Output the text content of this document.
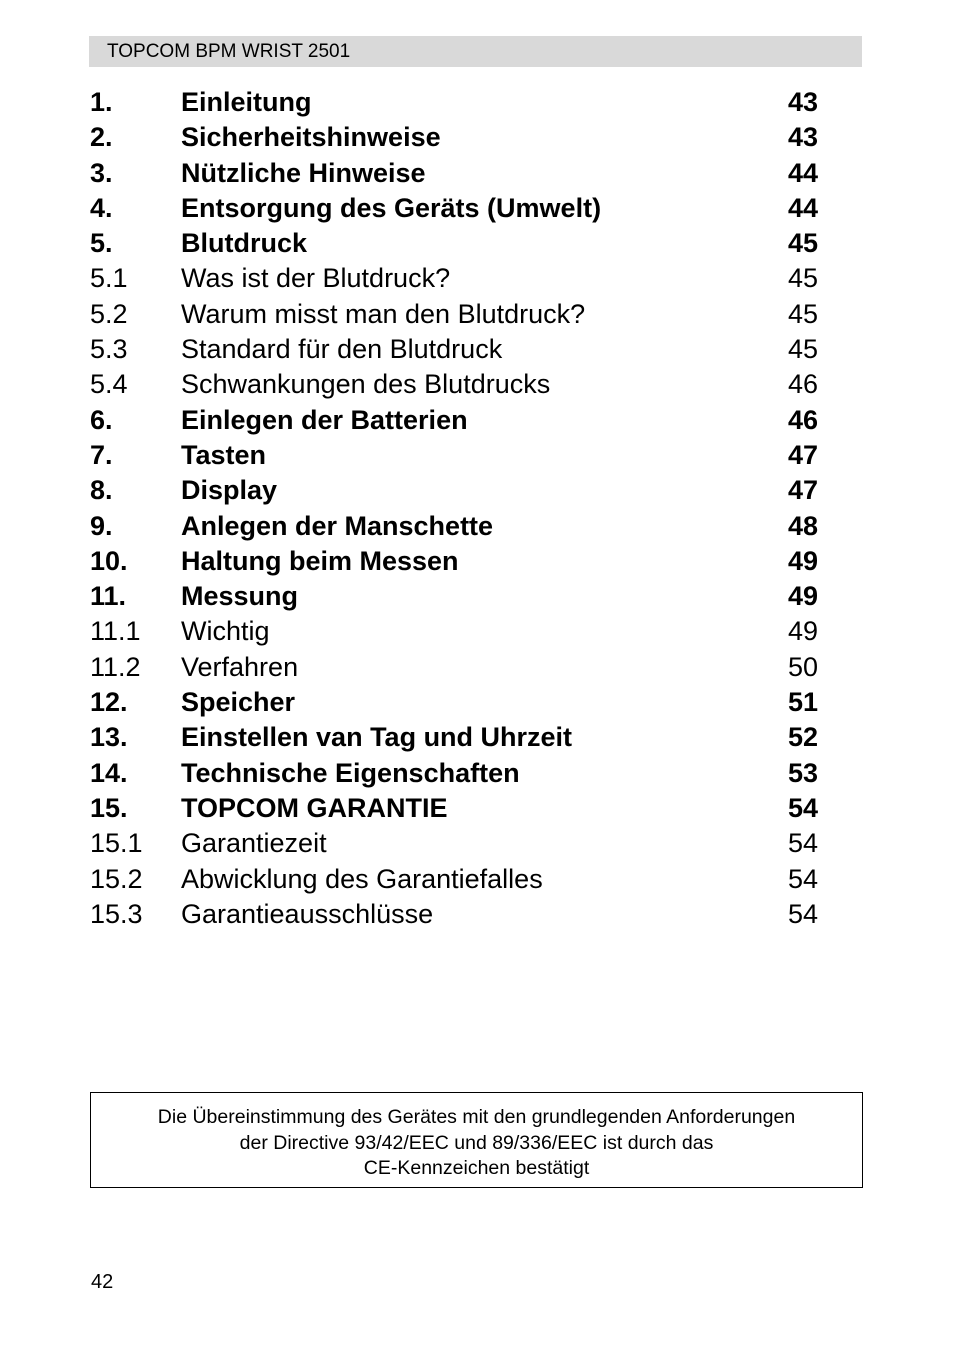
TOPCOM BPM WRIST 2501
1.	Einleitung	43
2.	Sicherheitshinweise	43
3.	Nützliche Hinweise	44
4.	Entsorgung des Geräts (Umwelt)	44
5.	Blutdruck	45
5.1 Was ist der Blutdruck?	45
5.2 Warum misst man den Blutdruck?	45
5.3 Standard für den Blutdruck	45
5.4 Schwankungen des Blutdrucks	46
6.	Einlegen der Batterien	46
7.	Tasten	47
8.	Display	47
9.	Anlegen der Manschette	48
10. Haltung beim Messen	49
11. Messung	49
11.1 Wichtig	49
11.2 Verfahren	50
12. Speicher	51
13. Einstellen van Tag und Uhrzeit	52
14. Technische Eigenschaften	53
15. TOPCOM GARANTIE	54
15.1 Garantiezeit	54
15.2 Abwicklung des Garantiefalles	54
15.3 Garantieausschlüsse	54
Die Übereinstimmung des Gerätes mit den grundlegenden Anforderungen
der Directive 93/42/EEC und 89/336/EEC ist durch das
CE-Kennzeichen bestätigt
42
